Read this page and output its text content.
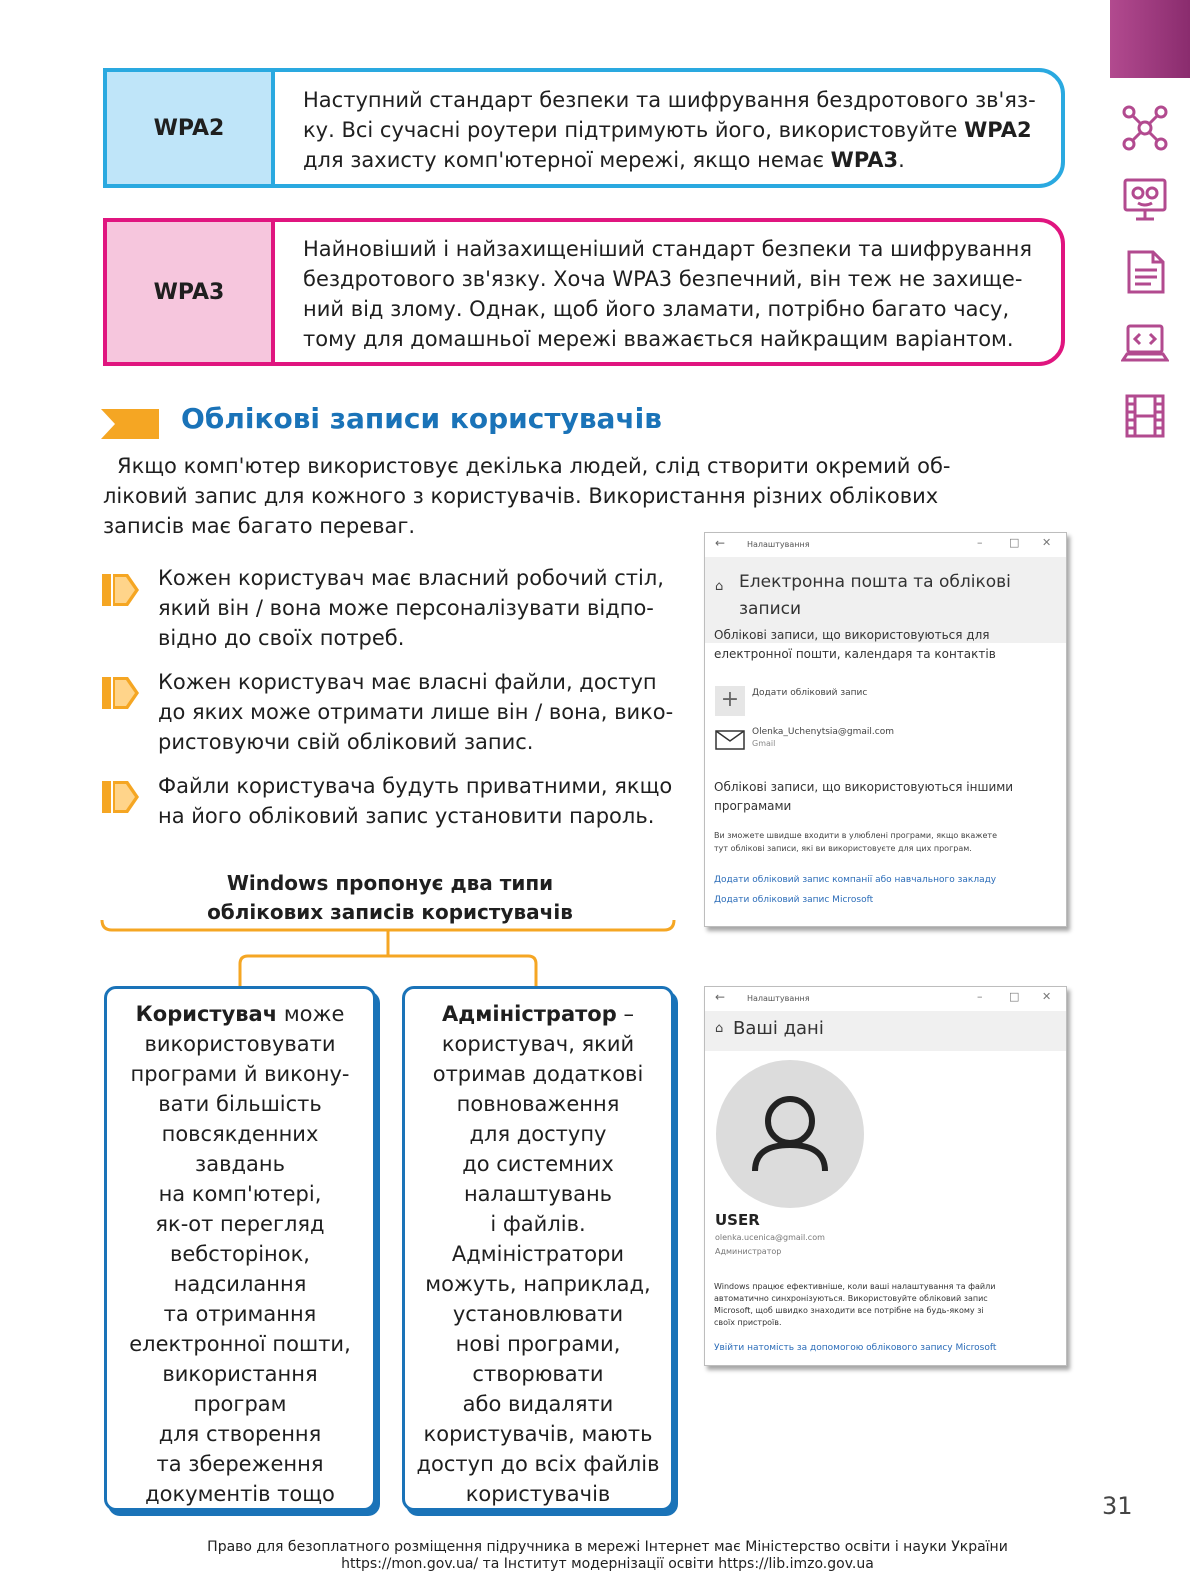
WPA2
Наступний стандарт безпеки та шифрування бездротового зв'яз-
ку. Всі сучасні роутери підтримують його, використовуйте WPA2
для захисту комп'ютерної мережі, якщо немає WPA3.
WPA3
Найновіший і найзахищеніший стандарт безпеки та шифрування
бездротового зв'язку. Хоча WPA3 безпечний, він теж не захище-
ний від злому. Однак, щоб його зламати, потрібно багато часу,
тому для домашньої мережі вважається найкращим варіантом.
Облікові записи користувачів
Якщо комп'ютер використовує декілька людей, слід створити окремий об-
ліковий запис для кожного з користувачів. Використання різних облікових
записів має багато переваг.
Кожен користувач має власний робочий стіл,
який він / вона може персоналізувати відпо-
відно до своїх потреб.
Кожен користувач має власні файли, доступ
до яких може отримати лише він / вона, вико-
ристовуючи свій обліковий запис.
Файли користувача будуть приватними, якщо
на його обліковий запис установити пароль.
Windows пропонує два типи
облікових записів користувачів
Користувач може
використовувати
програми й викону-
вати більшість
повсякденних
завдань
на комп'ютері,
як-от перегляд
вебсторінок,
надсилання
та отримання
електронної пошти,
використання
програм
для створення
та збереження
документів тощо
Адміністратор –
користувач, який
отримав додаткові
повноваження
для доступу
до системних
налаштувань
і файлів.
Адміністратори
можуть, наприклад,
установлювати
нові програми,
створювати
або видаляти
користувачів, мають
доступ до всіх файлів
користувачів
←	Налаштування	– □ ✕
⌂ Електронна пошта та облікові
записи
Облікові записи, що використовуються для
електронної пошти, календаря та контактів
+	Додати обліковий запис
Olenka_Uchenytsia@gmail.com
Gmail
Облікові записи, що використовуються іншими
програмами
Ви зможете швидше входити в улюблені програми, якщо вкажете
тут облікові записи, які ви використовуєте для цих програм.
Додати обліковий запис компанії або навчального закладу
Додати обліковий запис Microsoft
←	Налаштування	– □ ✕
⌂ Ваші дані
USER
olenka.ucenica@gmail.com
Администратор
Windows працює ефективніше, коли ваші налаштування та файли
автоматично синхронізуються. Використовуйте обліковий запис
Microsoft, щоб швидко знаходити все потрібне на будь-якому зі
своїх пристроїв.
Увійти натомість за допомогою облікового запису Microsoft
31
Право для безоплатного розміщення підручника в мережі Інтернет має Міністерство освіти і науки України
https://mon.gov.ua/ та Інститут модернізації освіти https://lib.imzo.gov.ua
